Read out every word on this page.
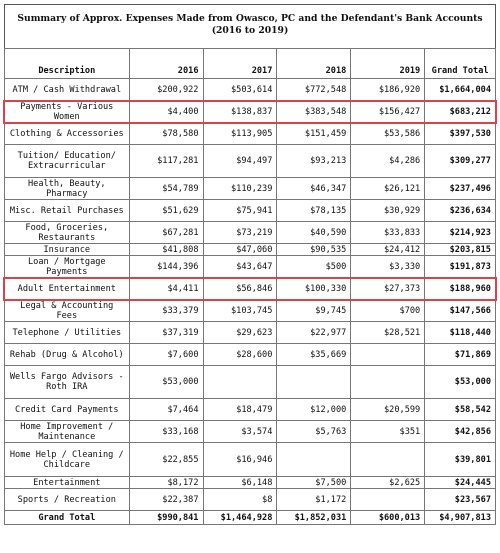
Summary of Approx. Expenses Made from Owasco, PC and the Defendant's Bank Accounts
(2016 to 2019)
Description	2016	2017	2018	2019	Grand Total
ATM / Cash Withdrawal	$200,922	$503,614	$772,548	$186,920	$1,664,004
Payments - Various Women	$4,400	$138,837	$383,548	$156,427	$683,212
Clothing & Accessories	$78,580	$113,905	$151,459	$53,586	$397,530
Tuition/ Education/ Extracurricular	$117,281	$94,497	$93,213	$4,286	$309,277
Health, Beauty, Pharmacy	$54,789	$110,239	$46,347	$26,121	$237,496
Misc. Retail Purchases	$51,629	$75,941	$78,135	$30,929	$236,634
Food, Groceries, Restaurants	$67,281	$73,219	$40,590	$33,833	$214,923
Insurance	$41,808	$47,060	$90,535	$24,412	$203,815
Loan / Mortgage Payments	$144,396	$43,647	$500	$3,330	$191,873
Adult Entertainment	$4,411	$56,846	$100,330	$27,373	$188,960
Legal & Accounting Fees	$33,379	$103,745	$9,745	$700	$147,566
Telephone / Utilities	$37,319	$29,623	$22,977	$28,521	$118,440
Rehab (Drug & Alcohol)	$7,600	$28,600	$35,669		$71,869
Wells Fargo Advisors - Roth IRA	$53,000				$53,000
Credit Card Payments	$7,464	$18,479	$12,000	$20,599	$58,542
Home Improvement / Maintenance	$33,168	$3,574	$5,763	$351	$42,856
Home Help / Cleaning / Childcare	$22,855	$16,946			$39,801
Entertainment	$8,172	$6,148	$7,500	$2,625	$24,445
Sports / Recreation	$22,387	$8	$1,172		$23,567
Grand Total	$990,841	$1,464,928	$1,852,031	$600,013	$4,907,813
